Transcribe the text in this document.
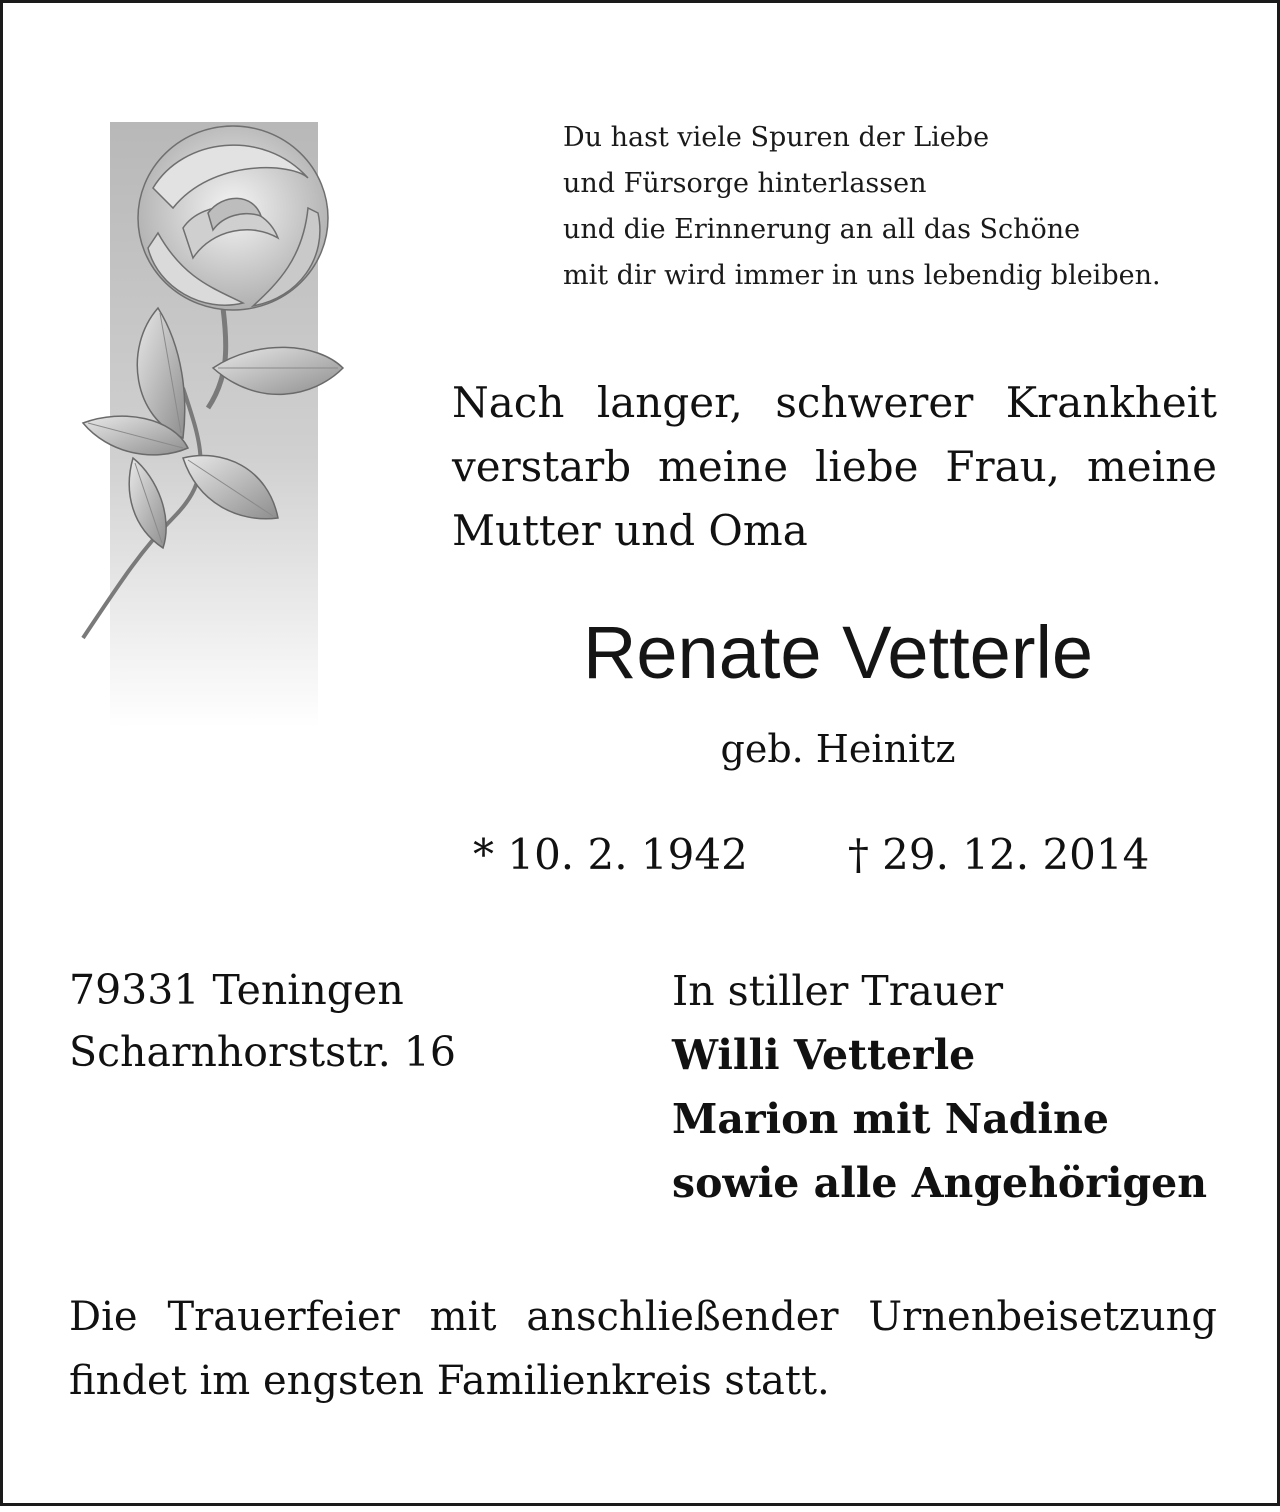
Du hast viele Spuren der Liebe
und Fürsorge hinterlassen
und die Erinnerung an all das Schöne
mit dir wird immer in uns lebendig bleiben.
Nach langer, schwerer Krankheit verstarb meine liebe Frau, meine Mutter und Oma
Renate Vetterle
geb. Heinitz
* 10. 2. 1942 † 29. 12. 2014
79331 Teningen
Scharnhorststr. 16
In stiller Trauer
Willi Vetterle
Marion mit Nadine
sowie alle Angehörigen
Die Trauerfeier mit anschließender Urnenbeisetzung findet im engsten Familienkreis statt.
